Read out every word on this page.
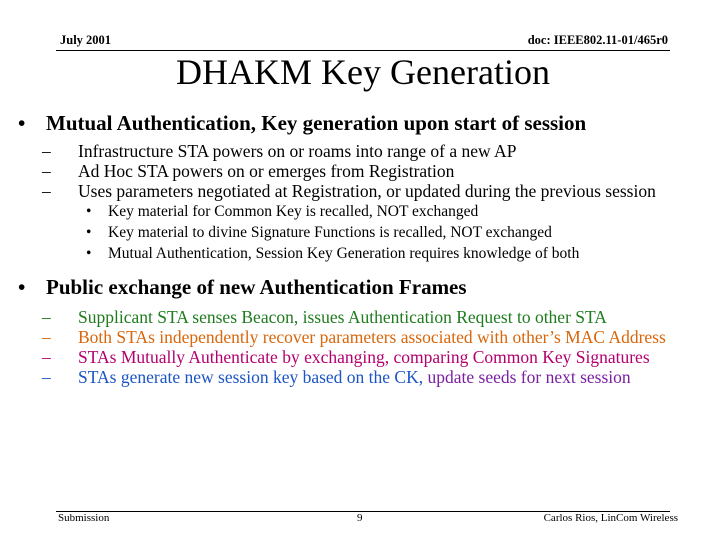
July 2001	doc: IEEE802.11-01/465r0
DHAKM Key Generation
• Mutual Authentication, Key generation upon start of session
– Infrastructure STA powers on or roams into range of a new AP
– Ad Hoc STA powers on or emerges from Registration
– Uses parameters negotiated at Registration, or updated during the previous session
• Key material for Common Key is recalled, NOT exchanged
• Key material to divine Signature Functions is recalled, NOT exchanged
• Mutual Authentication, Session Key Generation requires knowledge of both
• Public exchange of new Authentication Frames
– Supplicant STA senses Beacon, issues Authentication Request to other STA
– Both STAs independently recover parameters associated with other’s MAC Address
– STAs Mutually Authenticate by exchanging, comparing Common Key Signatures
– STAs generate new session key based on the CK, update seeds for next session
Submission	9	Carlos Rios, LinCom Wireless
